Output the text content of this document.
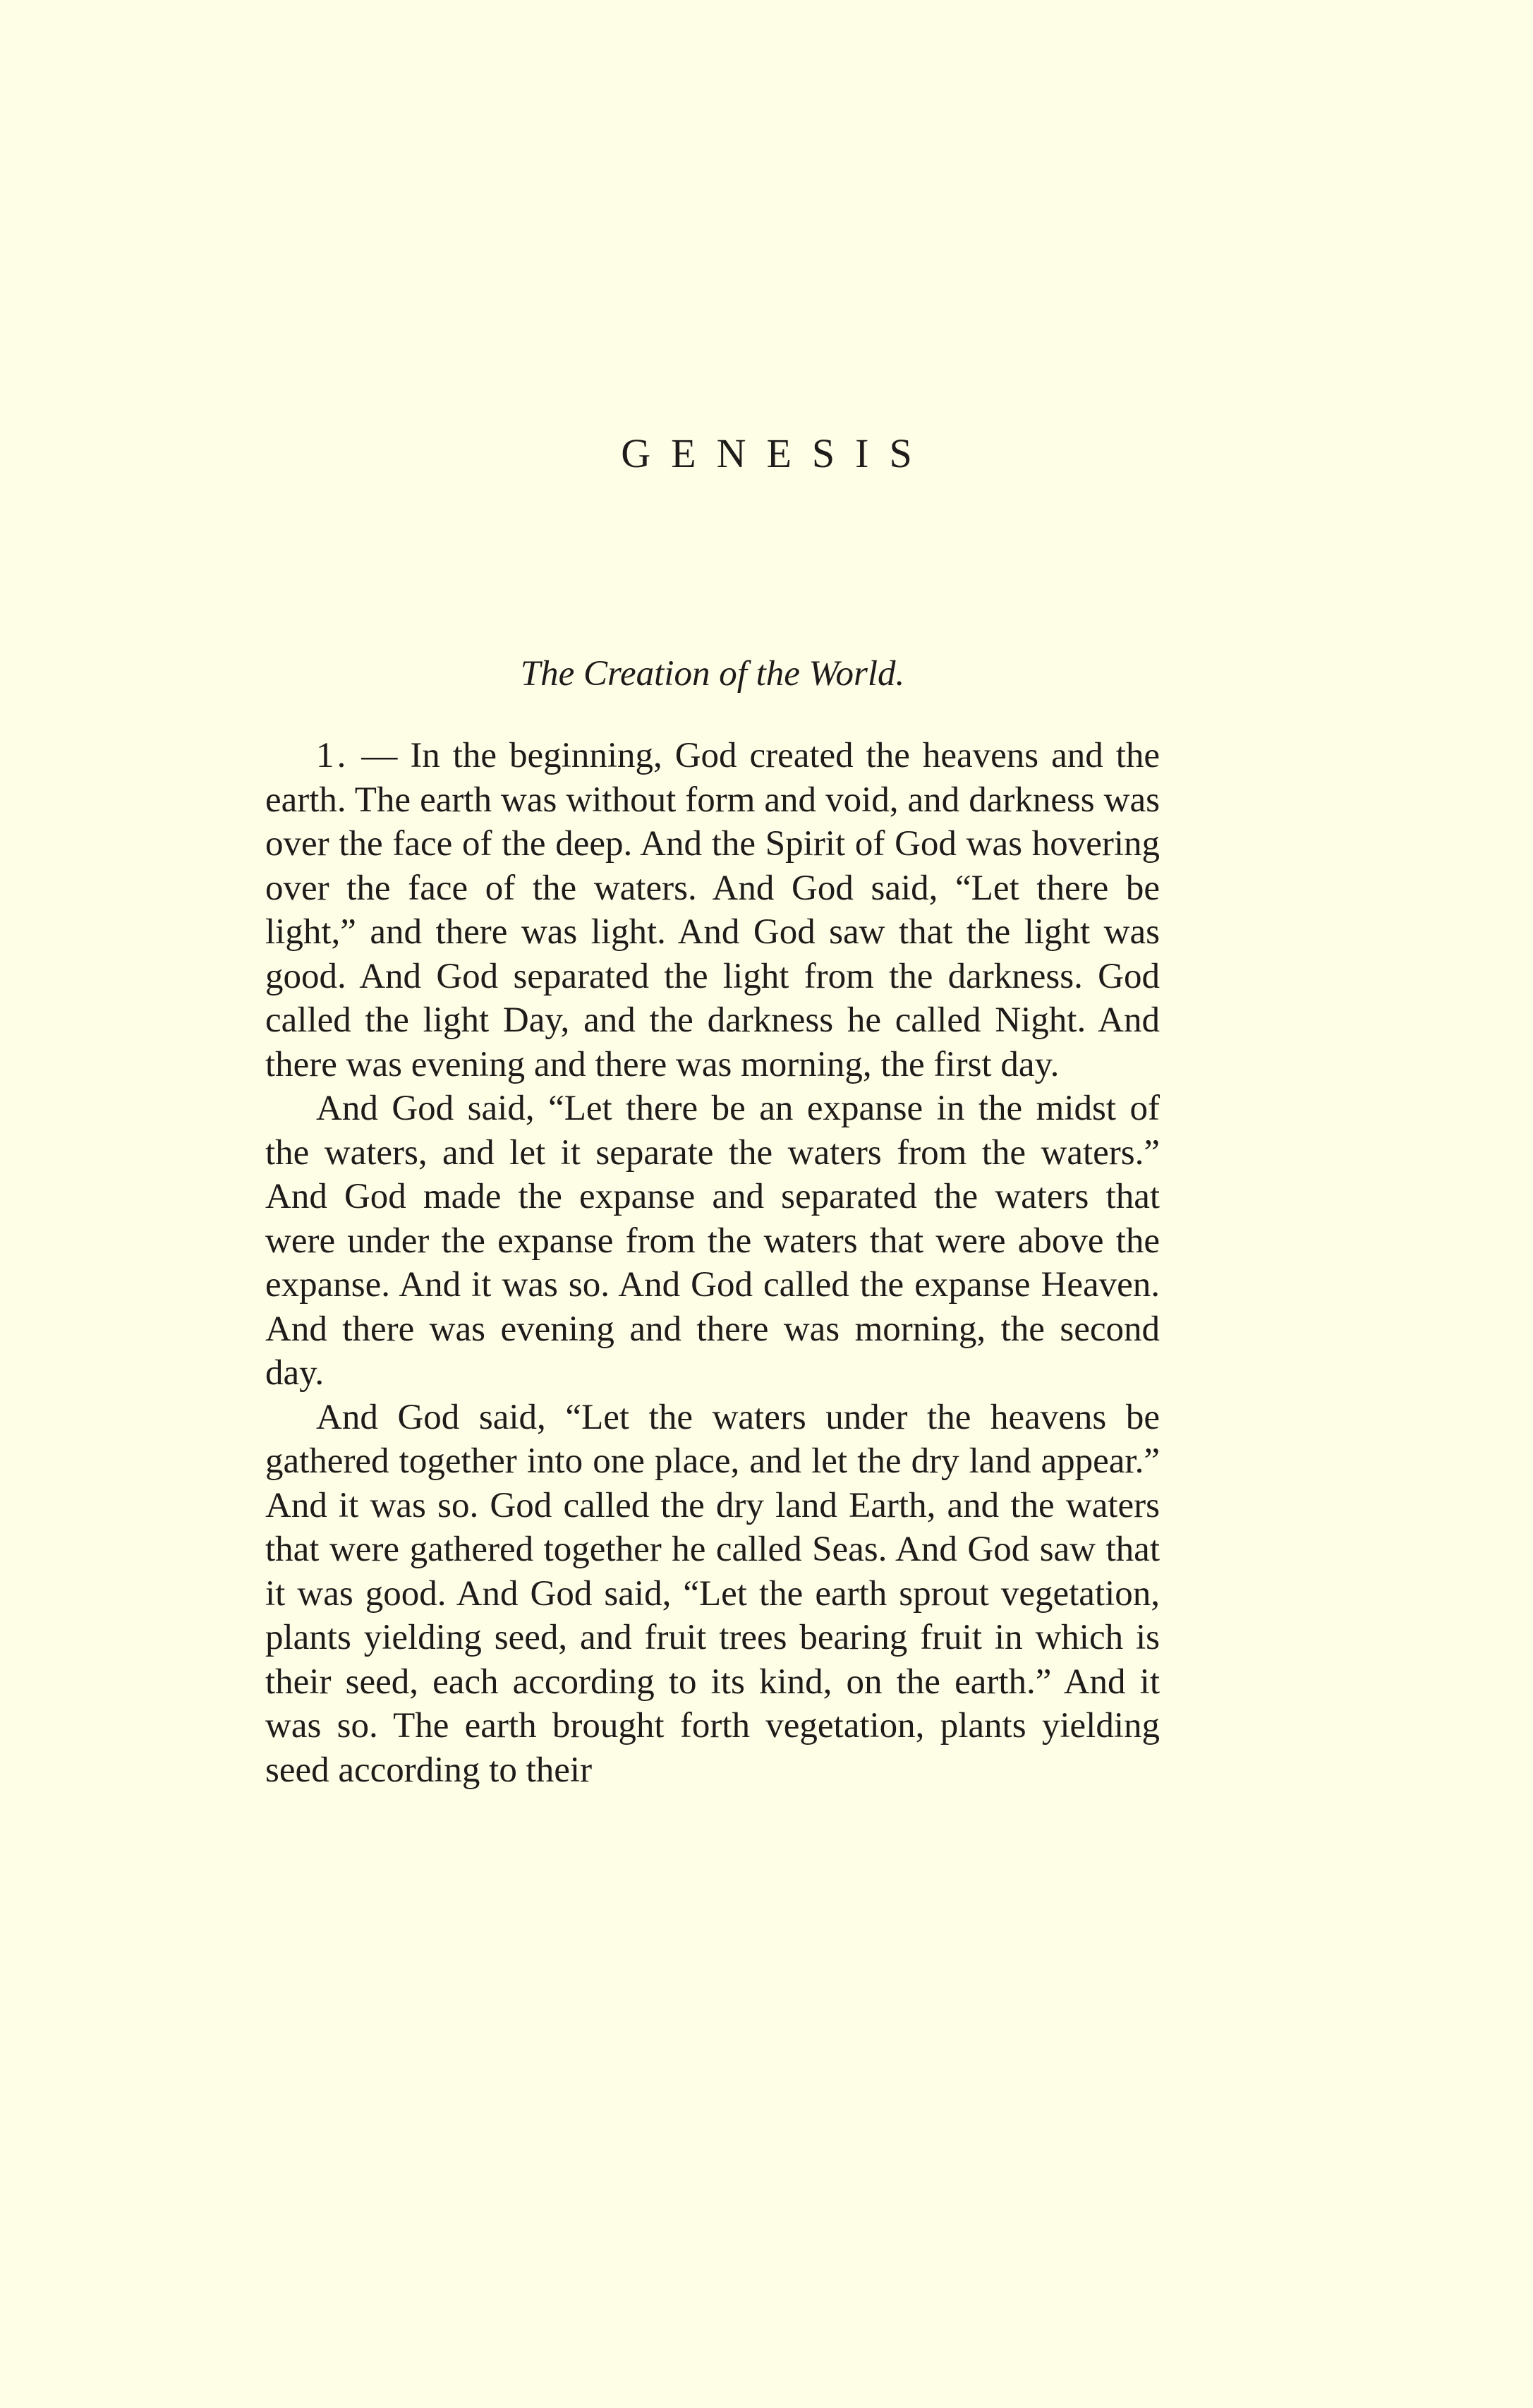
GENESIS
The Creation of the World.

1. — In the beginning, God created the heavens and the earth. The earth was without form and void, and darkness was over the face of the deep. And the Spirit of God was hovering over the face of the waters. And God said, “Let there be light,” and there was light. And God saw that the light was good. And God separated the light from the darkness. God called the light Day, and the darkness he called Night. And there was evening and there was morning, the first day.

And God said, “Let there be an expanse in the midst of the waters, and let it separate the waters from the waters.” And God made the expanse and separated the waters that were under the expanse from the waters that were above the expanse. And it was so. And God called the expanse Heaven. And there was evening and there was morning, the second day.

And God said, “Let the waters under the heavens be gathered together into one place, and let the dry land appear.” And it was so. God called the dry land Earth, and the waters that were gathered together he called Seas. And God saw that it was good. And God said, “Let the earth sprout vegetation, plants yielding seed, and fruit trees bearing fruit in which is their seed, each according to its kind, on the earth.” And it was so. The earth brought forth vegetation, plants yielding seed according to their
